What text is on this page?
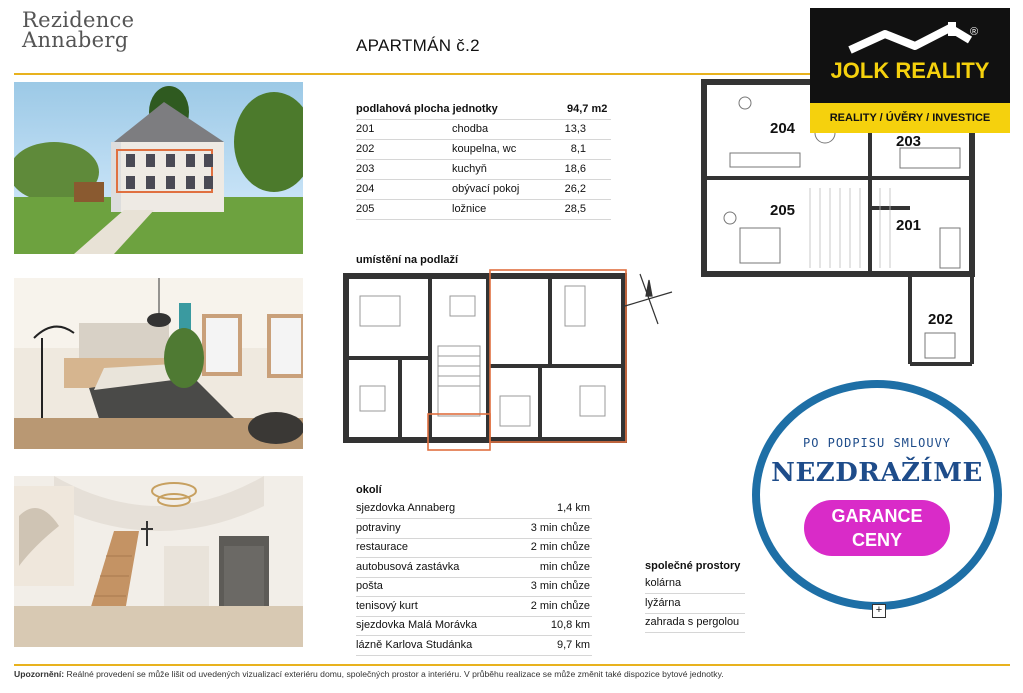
Rezidence
Annaberg	APARTMÁN č.2
podlahová plocha jednotky	94,7 m2
201	chodba	13,3
202	koupelna, wc	8,1
203	kuchyň	18,6
204	obývací pokoj	26,2
205	ložnice	28,5
umístění na podlaží
204
203
205
201
202
®
JOLK REALITY
REALITY / ÚVĚRY / INVESTICE
okolí
sjezdovka Annaberg	1,4 km
potraviny	3 min chůze
restaurace	2 min chůze
autobusová zastávka	min chůze
pošta	3 min chůze
tenisový kurt	2 min chůze
sjezdovka Malá Morávka	10,8 km
lázně Karlova Studánka	9,7 km
společné prostory
kolárna
lyžárna
zahrada s pergolou
PO PODPISU SMLOUVY
NEZDRAŽÍME
GARANCE
CENY
+
Upozornění: Reálné provedení se může lišit od uvedených vizualizací exteriéru domu, společných prostor a interiéru. V průběhu realizace se může změnit také dispozice bytové jednotky.
